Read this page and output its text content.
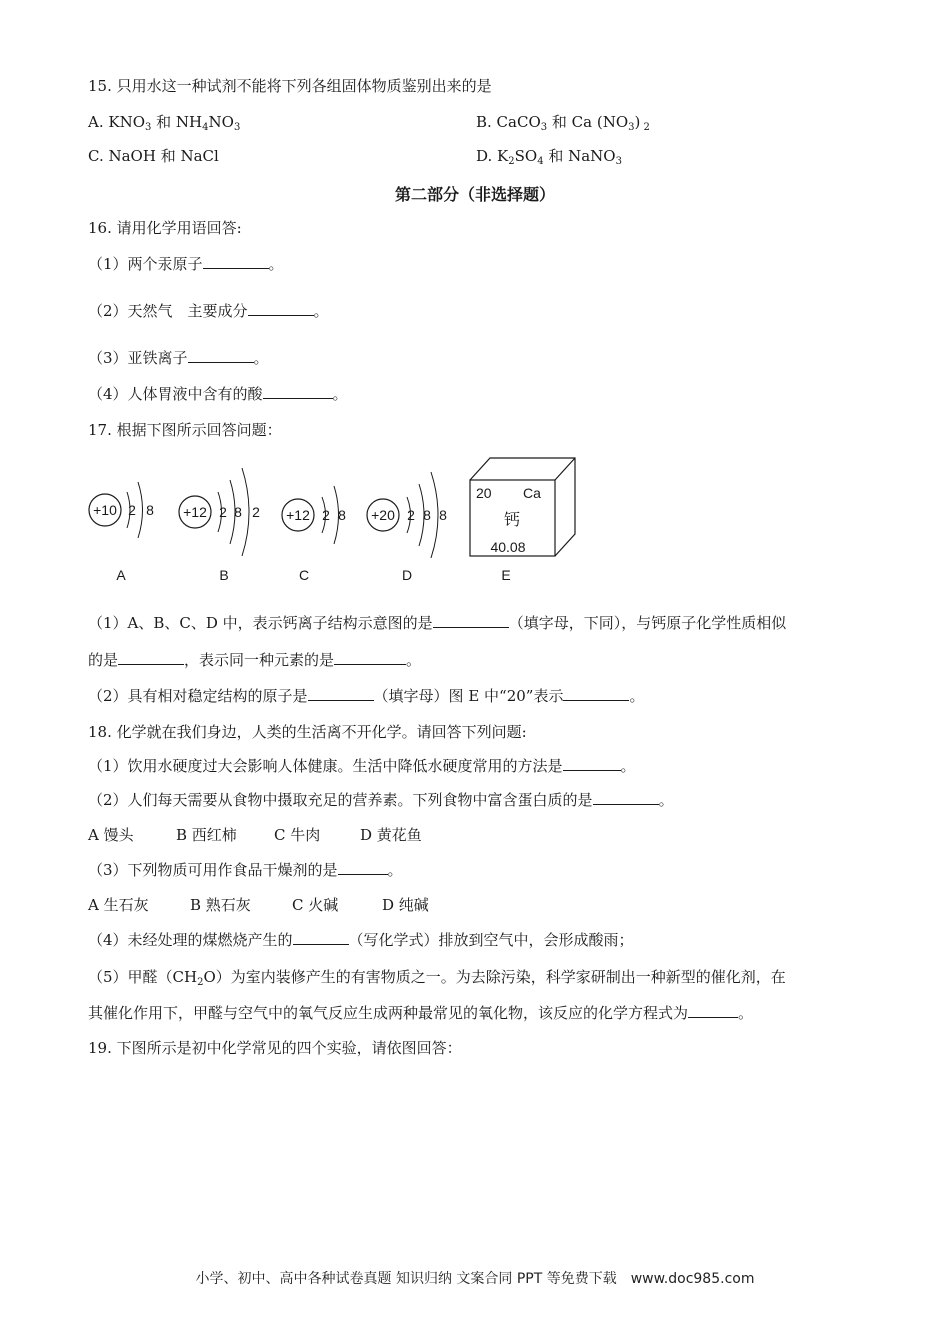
15. 只用水这一种试剂不能将下列各组固体物质鉴别出来的是
A. $KNO_3$ 和 $NH_4NO_3$	B. CaCO$_3$ 和 Ca $(NO_3)$ $_2$
C. NaOH 和 NaCl	D. $K_2SO_4$ 和 NaNO$_3$
第二部分（非选择题）
16. 请用化学用语回答:
（1）两个汞原子	。
（2）天然气　主要成分	。
（3）亚铁离子	。
（4）人体胃液中含有的酸	。
17. 根据下图所示回答问题：
+10 2 8
A
+12 2 8 2
B
+12 2 8
C
+20 2 8 8
D
20 Ca
钙
40.08
E
（1）A、B、C、D 中，表示钙离子结构示意图的是	（填字母，下同），与钙原子化学性质相似
的是	，表示同一种元素的是	。
（2）具有相对稳定结构的原子是	（填字母）图 E 中“20”表示	。
18. 化学就在我们身边，人类的生活离不开化学。请回答下列问题:
（1）饮用水硬度过大会影响人体健康。生活中降低水硬度常用的方法是	。
（2）人们每天需要从食物中摄取充足的营养素。下列食物中富含蛋白质的是	。
A 馒头	B 西红柿 C 牛肉	D 黄花鱼
（3）下列物质可用作食品干燥剂的是	。
A 生石灰	B 熟石灰	C 火碱	D 纯碱
（4）未经处理的煤燃烧产生的	（写化学式）排放到空气中，会形成酸雨；
（5）甲醛$(CH_2O)$为室内装修产生的有害物质之一。为去除污染，科学家研制出一种新型的催化剂，在
其催化作用下，甲醛与空气中的氧气反应生成两种最常见的氧化物，该反应的化学方程式为	。
19. 下图所示是初中化学常见的四个实验，请依图回答：
小学、初中、高中各种试卷真题 知识归纳 文案合同 PPT 等免费下载　www.doc985.com
